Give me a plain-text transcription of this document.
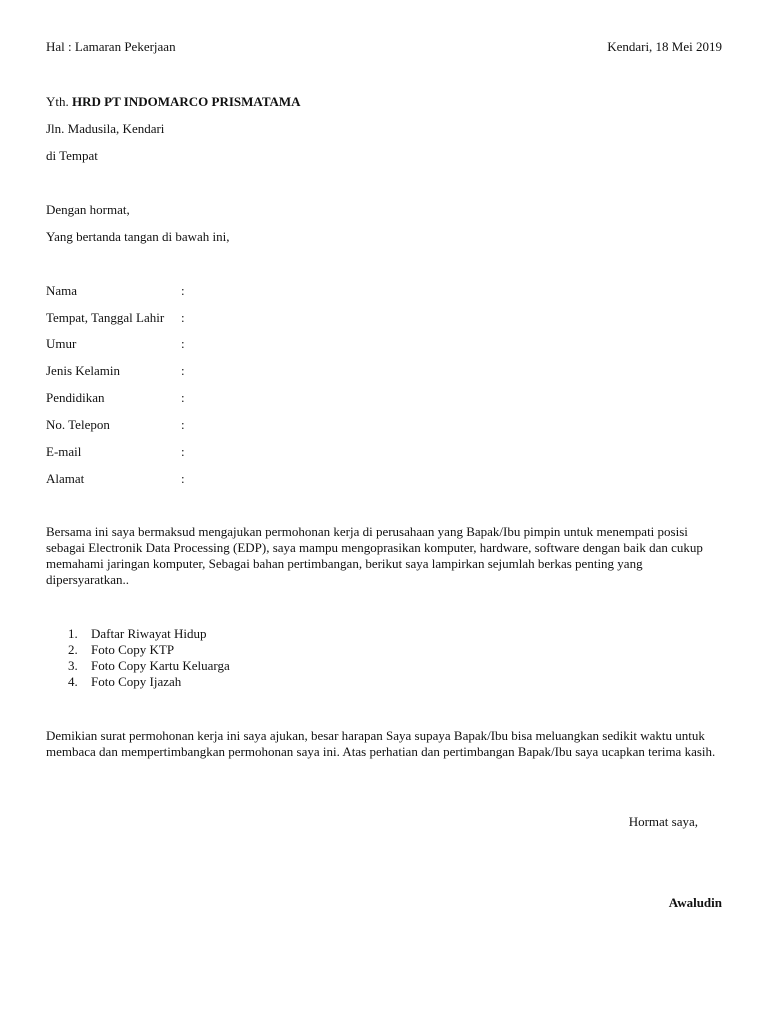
Hal : Lamaran Pekerjaan	Kendari, 18 Mei 2019
Yth. HRD PT INDOMARCO PRISMATAMA
Jln. Madusila, Kendari
di Tempat
Dengan hormat,
Yang bertanda tangan di bawah ini,
Nama	:
Tempat, Tanggal Lahir :
Umur	:
Jenis Kelamin	:
Pendidikan	:
No. Telepon	:
E-mail	:
Alamat	:
Bersama ini saya bermaksud mengajukan permohonan kerja di perusahaan yang Bapak/Ibu pimpin untuk menempati posisi sebagai Electronik Data Processing (EDP), saya mampu mengoprasikan komputer, hardware, software dengan baik dan cukup memahami jaringan komputer, Sebagai bahan pertimbangan, berikut saya lampirkan sejumlah berkas penting yang dipersyaratkan..
1. Daftar Riwayat Hidup
2. Foto Copy KTP
3. Foto Copy Kartu Keluarga
4. Foto Copy Ijazah
Demikian surat permohonan kerja ini saya ajukan, besar harapan Saya supaya Bapak/Ibu bisa meluangkan sedikit waktu untuk membaca dan mempertimbangkan permohonan saya ini. Atas perhatian dan pertimbangan Bapak/Ibu saya ucapkan terima kasih.
Hormat saya,
Awaludin
